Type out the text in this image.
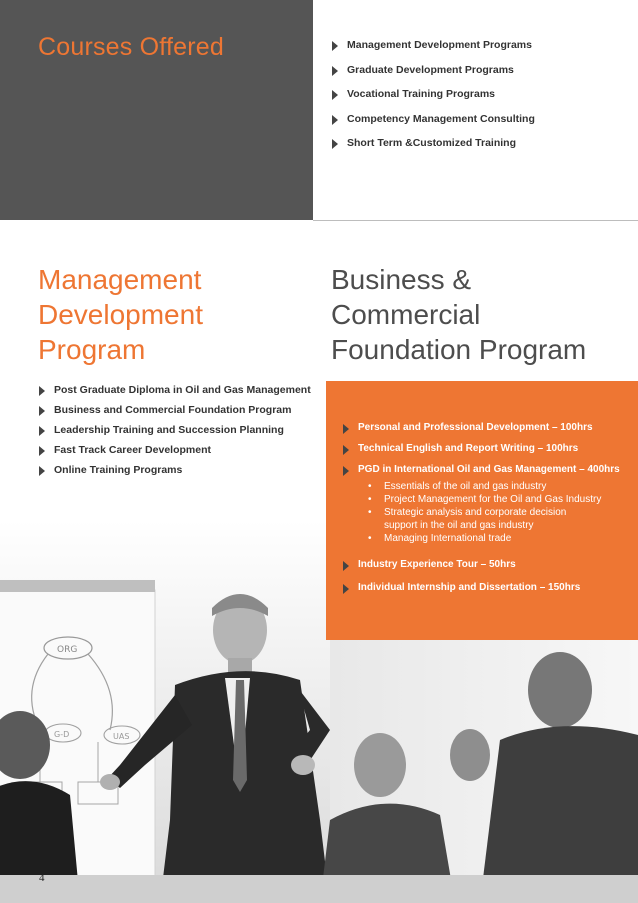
Courses Offered	Management Development Programs
Graduate Development Programs
Vocational Training Programs
Competency Management Consulting
Short Term &Customized Training
Management
Development
Program
Business &
Commercial
Foundation Program
Post Graduate Diploma in Oil and Gas Management
Business and Commercial Foundation Program
Leadership Training and Succession Planning
Fast Track Career Development
Online Training Programs
ORG
G-D	UAS
Personal and Professional Development – 100hrs
Technical English and Report Writing – 100hrs
PGD in International Oil and Gas Management – 400hrs
• Essentials of the oil and gas industry
• Project Management for the Oil and Gas Industry
• Strategic analysis and corporate decision support in the oil and gas industry
• Managing International trade
Industry Experience Tour – 50hrs
Individual Internship and Dissertation – 150hrs
4
